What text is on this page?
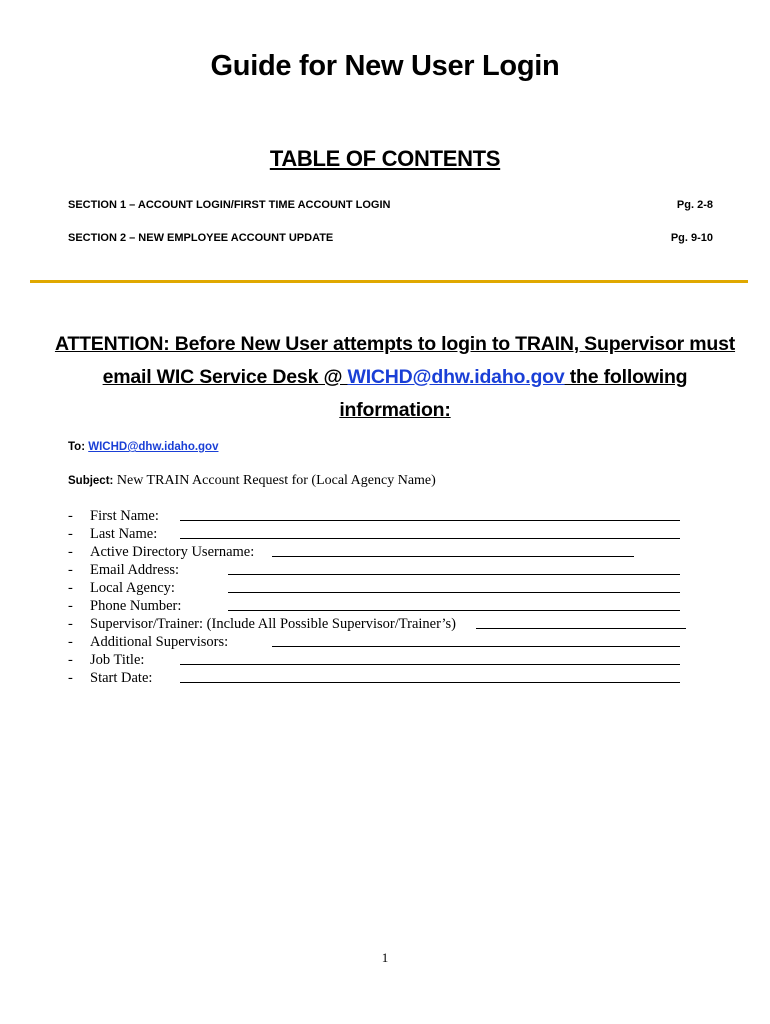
Guide for New User Login
TABLE OF CONTENTS
SECTION 1 – ACCOUNT LOGIN/FIRST TIME ACCOUNT LOGIN	Pg. 2-8
SECTION 2 – NEW EMPLOYEE ACCOUNT UPDATE	Pg. 9-10
ATTENTION: Before New User attempts to login to TRAIN, Supervisor must email WIC Service Desk @ WICHD@dhw.idaho.gov the following information:
To: WICHD@dhw.idaho.gov
Subject: New TRAIN Account Request for (Local Agency Name)
- First Name:
- Last Name:
- Active Directory Username:
- Email Address:
- Local Agency:
- Phone Number:
- Supervisor/Trainer: (Include All Possible Supervisor/Trainer’s)
- Additional Supervisors:
- Job Title:
- Start Date:
1
